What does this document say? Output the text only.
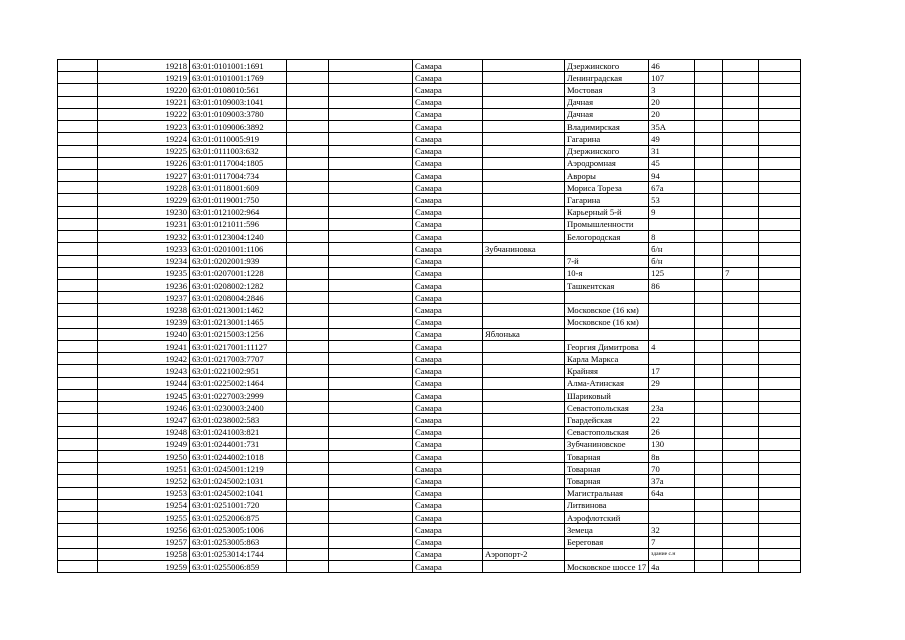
	19218	63:01:0101001:1691			Самара		Дзержинского	46			
	19219	63:01:0101001:1769			Самара		Ленинградская	107			
	19220	63:01:0108010:561			Самара		Мостовая	3			
	19221	63:01:0109003:1041			Самара		Дачная	20			
	19222	63:01:0109003:3780			Самара		Дачная	20			
	19223	63:01:0109006:3892			Самара		Владимирская	35А			
	19224	63:01:0110005:919			Самара		Гагарина	49			
	19225	63:01:0111003:632			Самара		Дзержинского	31			
	19226	63:01:0117004:1805			Самара		Аэродромная	45			
	19227	63:01:0117004:734			Самара		Авроры	94			
	19228	63:01:0118001:609			Самара		Мориса Тореза	67а			
	19229	63:01:0119001:750			Самара		Гагарина	53			
	19230	63:01:0121002:964			Самара		Карьерный 5-й	9			
	19231	63:01:0121011:596			Самара		Промышленности				
	19232	63:01:0123004:1240			Самара		Белогородская	8			
	19233	63:01:0201001:1106			Самара	Зубчаниновка		б/н			
	19234	63:01:0202001:939			Самара		7-й	б/н			
	19235	63:01:0207001:1228			Самара		10-я	125		7	
	19236	63:01:0208002:1282			Самара		Ташкентская	86			
	19237	63:01:0208004:2846			Самара						
	19238	63:01:0213001:1462			Самара		Московское (16 км)				
	19239	63:01:0213001:1465			Самара		Московское (16 км)				
	19240	63:01:0215003:1256			Самара	Яблонька					
	19241	63:01:0217001:11127			Самара		Георгия Димитрова	4			
	19242	63:01:0217003:7707			Самара		Карла Маркса				
	19243	63:01:0221002:951			Самара		Крайняя	17			
	19244	63:01:0225002:1464			Самара		Алма-Атинская	29			
	19245	63:01:0227003:2999			Самара		Шариковый				
	19246	63:01:0230003:2400			Самара		Севастопольская	23а			
	19247	63:01:0238002:583			Самара		Гвардейская	22			
	19248	63:01:0241003:821			Самара		Севастопольская	26			
	19249	63:01:0244001:731			Самара		Зубчаниновское	130			
	19250	63:01:0244002:1018			Самара		Товарная	8в			
	19251	63:01:0245001:1219			Самара		Товарная	70			
	19252	63:01:0245002:1031			Самара		Товарная	37а			
	19253	63:01:0245002:1041			Самара		Магистральная	64а			
	19254	63:01:0251001:720			Самара		Литвинова				
	19255	63:01:0252006:875			Самара		Аэрофлотский				
	19256	63:01:0253005:1006			Самара		Земеца	32			
	19257	63:01:0253005:863			Самара		Береговая	7			
	19258	63:01:0253014:1744			Самара	Аэропорт-2		здание с.н			
	19259	63:01:0255006:859			Самара		Московское шоссе 17	4а			
